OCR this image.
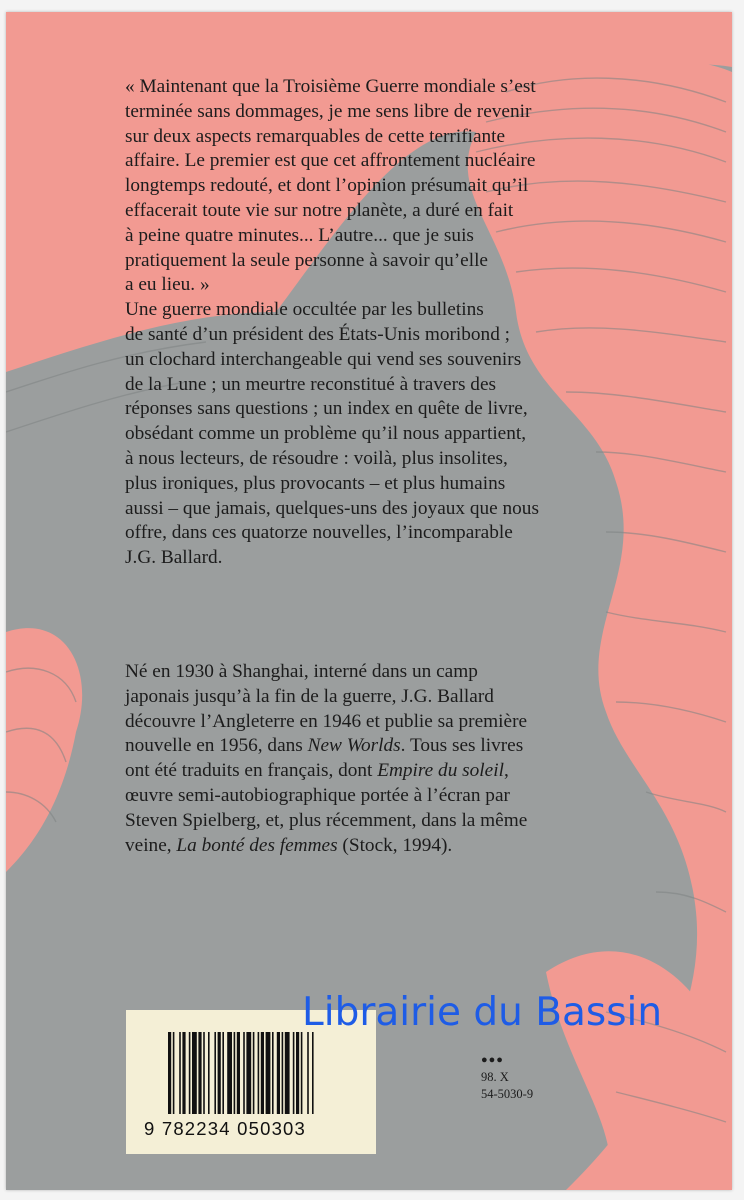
« Maintenant que la Troisième Guerre mondiale s’est

terminée sans dommages, je me sens libre de revenir

sur deux aspects remarquables de cette terrifiante

affaire. Le premier est que cet affrontement nucléaire

longtemps redouté, et dont l’opinion présumait qu’il

effacerait toute vie sur notre planète, a duré en fait

à peine quatre minutes... L’autre... que je suis

pratiquement la seule personne à savoir qu’elle

a eu lieu. »

Une guerre mondiale occultée par les bulletins

de santé d’un président des États-Unis moribond ;

un clochard interchangeable qui vend ses souvenirs

de la Lune ; un meurtre reconstitué à travers des

réponses sans questions ; un index en quête de livre,

obsédant comme un problème qu’il nous appartient,

à nous lecteurs, de résoudre : voilà, plus insolites,

plus ironiques, plus provocants – et plus humains

aussi – que jamais, quelques-uns des joyaux que nous

offre, dans ces quatorze nouvelles, l’incomparable

J.G. Ballard.

Né en 1930 à Shanghai, interné dans un camp

japonais jusqu’à la fin de la guerre, J.G. Ballard

découvre l’Angleterre en 1946 et publie sa première

nouvelle en 1956, dans New Worlds. Tous ses livres

ont été traduits en français, dont Empire du soleil,

œuvre semi-autobiographique portée à l’écran par

Steven Spielberg, et, plus récemment, dans la même

veine, La bonté des femmes (Stock, 1994).

9 782234 050303
●●●
98. X
54-5030-9
Librairie du Bassin
